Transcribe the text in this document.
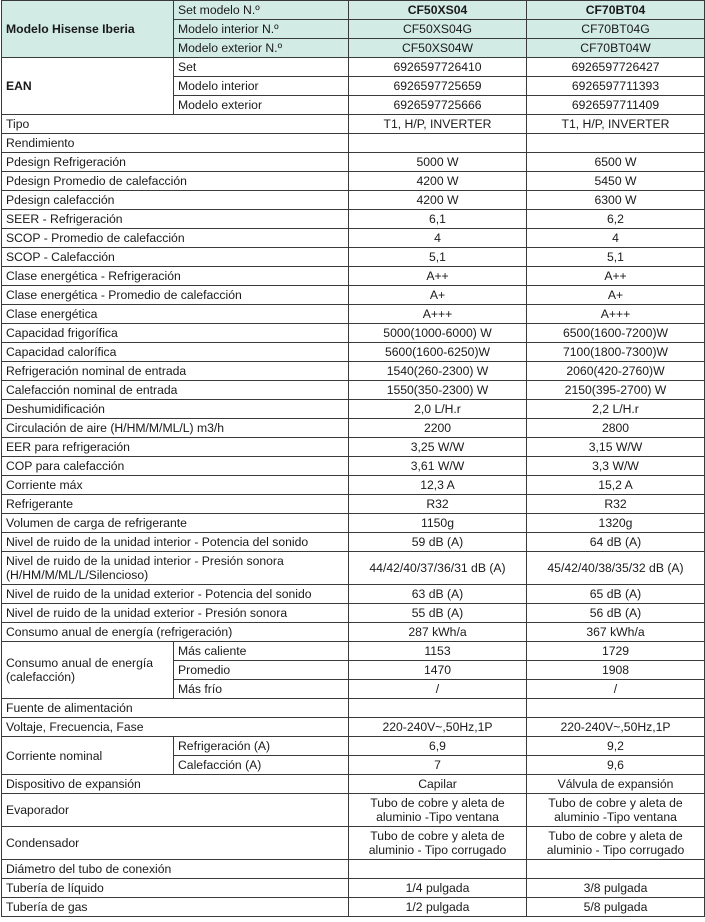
Modelo Hisense Iberia	Set modelo N.º	CF50XS04	CF70BT04
	Modelo interior N.º	CF50XS04G	CF70BT04G
	Modelo exterior N.º	CF50XS04W	CF70BT04W
EAN	Set	6926597726410	6926597726427
	Modelo interior	6926597725659	6926597711393
	Modelo exterior	6926597725666	6926597711409
Tipo		T1, H/P, INVERTER	T1, H/P, INVERTER
Rendimiento			
Pdesign Refrigeración		5000 W	6500 W
Pdesign Promedio de calefacción		4200 W	5450 W
Pdesign calefacción		4200 W	6300 W
SEER - Refrigeración		6,1	6,2
SCOP - Promedio de calefacción		4	4
SCOP - Calefacción		5,1	5,1
Clase energética - Refrigeración		A++	A++
Clase energética - Promedio de calefacción		A+	A+
Clase energética		A+++	A+++
Capacidad frigorífica		5000(1000-6000) W	6500(1600-7200)W
Capacidad calorífica		5600(1600-6250)W	7100(1800-7300)W
Refrigeración nominal de entrada		1540(260-2300) W	2060(420-2760)W
Calefacción nominal de entrada		1550(350-2300) W	2150(395-2700) W
Deshumidificación		2,0 L/H.r	2,2 L/H.r
Circulación de aire (H/HM/M/ML/L) m3/h		2200	2800
EER para refrigeración		3,25 W/W	3,15 W/W
COP para calefacción		3,61 W/W	3,3 W/W
Corriente máx		12,3 A	15,2 A
Refrigerante		R32	R32
Volumen de carga de refrigerante		1150g	1320g
Nivel de ruido de la unidad interior - Potencia del sonido		59 dB (A)	64 dB (A)
Nivel de ruido de la unidad interior - Presión sonora (H/HM/M/ML/L/Silencioso)		44/42/40/37/36/31 dB (A)	45/42/40/38/35/32 dB (A)
Nivel de ruido de la unidad exterior - Potencia del sonido		63 dB (A)	65 dB (A)
Nivel de ruido de la unidad exterior - Presión sonora		55 dB (A)	56 dB (A)
Consumo anual de energía (refrigeración)		287 kWh/a	367 kWh/a
Consumo anual de energía (calefacción)	Más caliente	1153	1729
	Promedio	1470	1908
	Más frío	/	/
Fuente de alimentación			
Voltaje, Frecuencia, Fase		220-240V~,50Hz,1P	220-240V~,50Hz,1P
Corriente nominal	Refrigeración (A)	6,9	9,2
	Calefacción (A)	7	9,6
Dispositivo de expansión		Capilar	Válvula de expansión
Evaporador		Tubo de cobre y aleta de aluminio -Tipo ventana	Tubo de cobre y aleta de aluminio -Tipo ventana
Condensador		Tubo de cobre y aleta de aluminio - Tipo corrugado	Tubo de cobre y aleta de aluminio - Tipo corrugado
Diámetro del tubo de conexión			
Tubería de líquido		1/4 pulgada	3/8 pulgada
Tubería de gas		1/2 pulgada	5/8 pulgada
